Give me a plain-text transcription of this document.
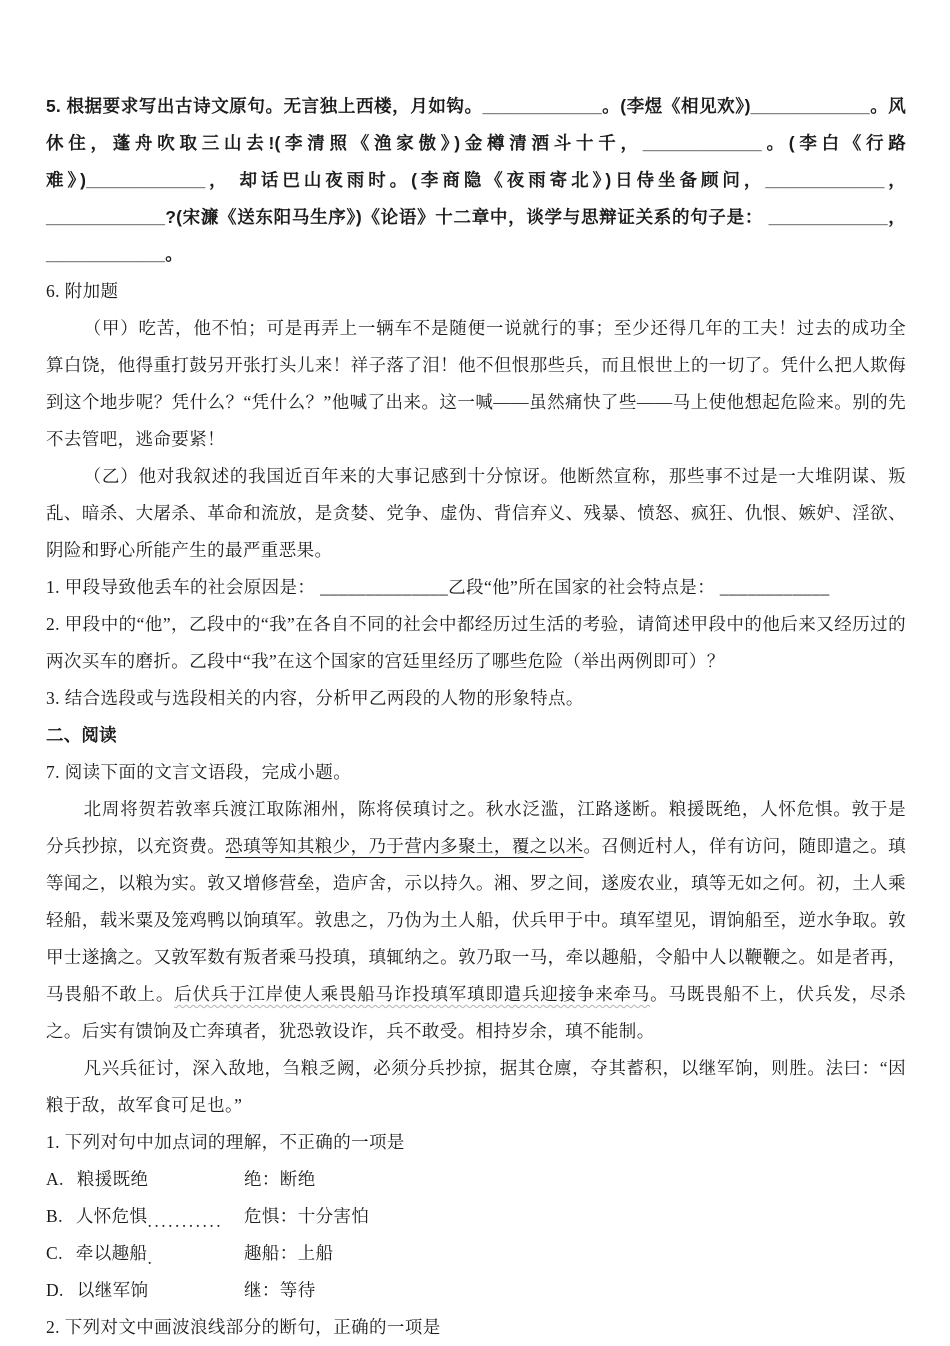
5. 根据要求写出古诗文原句。无言独上西楼，月如钩。____________。(李煜《相见欢》)____________。风休住，蓬舟吹取三山去!(李清照《渔家傲》)金樽清酒斗十千，____________。(李白《行路难》)____________， 却话巴山夜雨时。(李商隐《夜雨寄北》)日侍坐备顾问，____________， ____________?(宋濂《送东阳马生序》)《论语》十二章中，谈学与思辩证关系的句子是： ____________， ____________。

6. 附加题

（甲）吃苦，他不怕；可是再弄上一辆车不是随便一说就行的事；至少还得几年的工夫！过去的成功全算白饶，他得重打鼓另开张打头儿来！祥子落了泪！他不但恨那些兵，而且恨世上的一切了。凭什么把人欺侮到这个地步呢？凭什么？“凭什么？”他喊了出来。这一喊——虽然痛快了些——马上使他想起危险来。别的先不去管吧，逃命要紧！

（乙）他对我叙述的我国近百年来的大事记感到十分惊讶。他断然宣称，那些事不过是一大堆阴谋、叛乱、暗杀、大屠杀、革命和流放，是贪婪、党争、虚伪、背信弃义、残暴、愤怒、疯狂、仇恨、嫉妒、淫欲、阴险和野心所能产生的最严重恶果。

1. 甲段导致他丢车的社会原因是： ______________乙段“他”所在国家的社会特点是： ____________

2. 甲段中的“他”，乙段中的“我”在各自不同的社会中都经历过生活的考验，请简述甲段中的他后来又经历过的两次买车的磨折。乙段中“我”在这个国家的宫廷里经历了哪些危险（举出两例即可）？

3. 结合选段或与选段相关的内容，分析甲乙两段的人物的形象特点。

二、阅读

7. 阅读下面的文言文语段，完成小题。

北周将贺若敦率兵渡江取陈湘州，陈将侯瑱讨之。秋水泛滥，江路遂断。粮援既绝，人怀危惧。敦于是分兵抄掠，以充资费。恐瑱等知其粮少，乃于营内多聚土，覆之以米。召侧近村人，佯有访问，随即遣之。瑱等闻之，以粮为实。敦又增修营垒，造庐舍，示以持久。湘、罗之间，遂废农业，瑱等无如之何。初，土人乘轻船，载米粟及笼鸡鸭以饷瑱军。敦患之，乃伪为土人船，伏兵甲于中。瑱军望见，谓饷船至，逆水争取。敦甲士遂擒之。又敦军数有叛者乘马投瑱，瑱辄纳之。敦乃取一马，牵以趣船，令船中人以鞭鞭之。如是者再，马畏船不敢上。后伏兵于江岸使人乘畏船马诈投瑱军瑱即遣兵迎接争来牵马。马既畏船不上，伏兵发，尽杀之。后实有馈饷及亡奔瑱者，犹恐敦设诈，兵不敢受。相持岁余，瑱不能制。

凡兴兵征讨，深入敌地，刍粮乏阙，必须分兵抄掠，据其仓廪，夺其蓄积，以继军饷，则胜。法曰：“因粮于敌，故军食可足也。”

1. 下列对句中加点词的理解，不正确的一项是

A. 粮援既绝	绝：断绝
B. 人怀危惧 ...........	危惧：十分害怕
C. 牵以趣船 .	趣船：上船
D. 以继军饷	继：等待

2. 下列对文中画波浪线部分的断句，正确的一项是
